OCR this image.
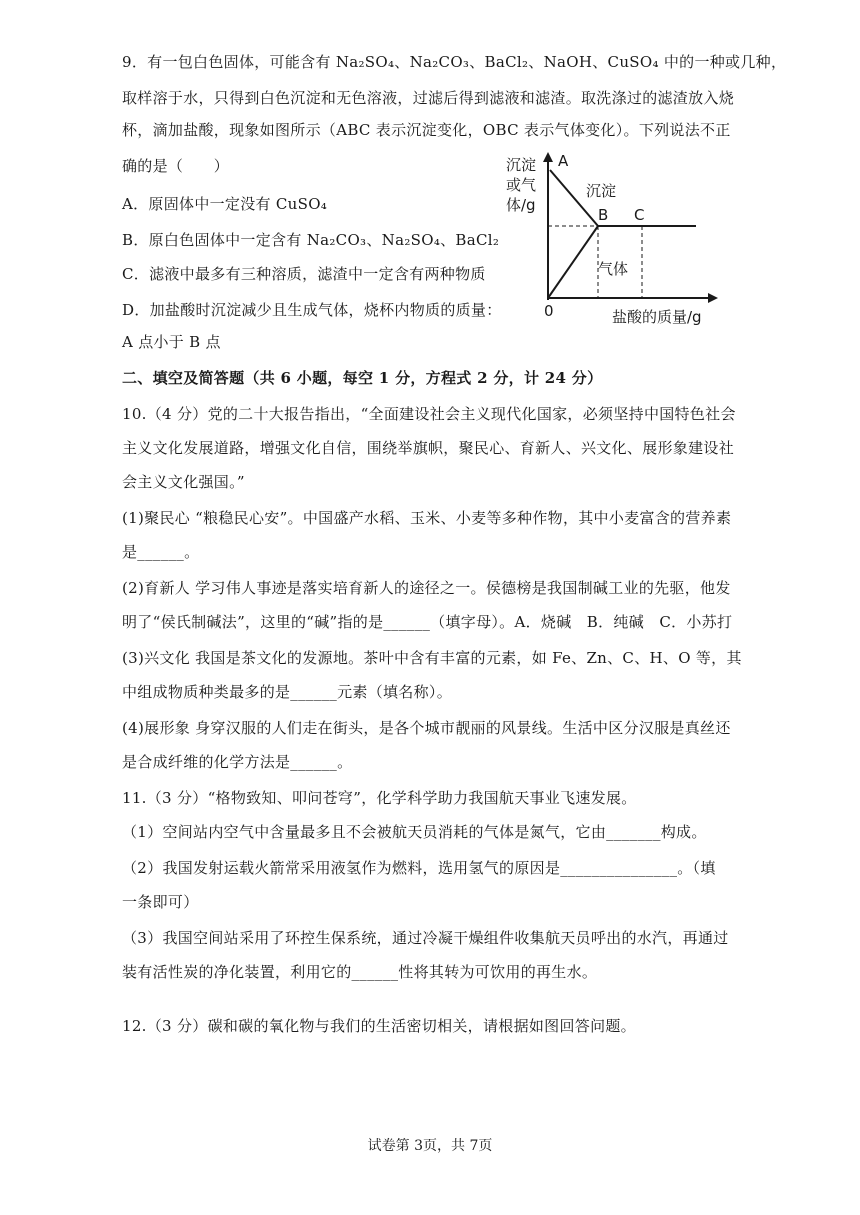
9．有一包白色固体，可能含有 Na₂SO₄、Na₂CO₃、BaCl₂、NaOH、CuSO₄ 中的一种或几种，
取样溶于水，只得到白色沉淀和无色溶液，过滤后得到滤液和滤渣。取洗涤过的滤渣放入烧
杯，滴加盐酸，现象如图所示（ABC 表示沉淀变化，OBC 表示气体变化）。下列说法不正
确的是（　　）
A．原固体中一定没有 CuSO₄
B．原白色固体中一定含有 Na₂CO₃、Na₂SO₄、BaCl₂
C．滤液中最多有三种溶质，滤渣中一定含有两种物质
D．加盐酸时沉淀减少且生成气体，烧杯内物质的质量：
A 点小于 B 点
沉淀
或气
体/g
A
B C
0
沉淀
气体
盐酸的质量/g
二、填空及简答题（共 6 小题，每空 1 分，方程式 2 分，计 24 分）
10.（4 分）党的二十大报告指出，“全面建设社会主义现代化国家，必须坚持中国特色社会
主义文化发展道路，增强文化自信，围绕举旗帜，聚民心、育新人、兴文化、展形象建设社
会主义文化强国。”
(1)聚民心 “粮稳民心安”。中国盛产水稻、玉米、小麦等多种作物，其中小麦富含的营养素
是______。
(2)育新人 学习伟人事迹是落实培育新人的途径之一。侯德榜是我国制碱工业的先驱，他发
明了“侯氏制碱法”，这里的“碱”指的是______（填字母）。A．烧碱　B．纯碱　C．小苏打
(3)兴文化 我国是茶文化的发源地。茶叶中含有丰富的元素，如 Fe、Zn、C、H、O 等，其
中组成物质种类最多的是______元素（填名称）。
(4)展形象 身穿汉服的人们走在街头，是各个城市靓丽的风景线。生活中区分汉服是真丝还
是合成纤维的化学方法是______。
11.（3 分）“格物致知、叩问苍穹”，化学科学助力我国航天事业飞速发展。
（1）空间站内空气中含量最多且不会被航天员消耗的气体是氮气，它由_______构成。
（2）我国发射运载火箭常采用液氢作为燃料，选用氢气的原因是_______________。（填
一条即可）
（3）我国空间站采用了环控生保系统，通过冷凝干燥组件收集航天员呼出的水汽，再通过
装有活性炭的净化装置，利用它的______性将其转为可饮用的再生水。
12.（3 分）碳和碳的氧化物与我们的生活密切相关，请根据如图回答问题。
试卷第 3页，共 7页
